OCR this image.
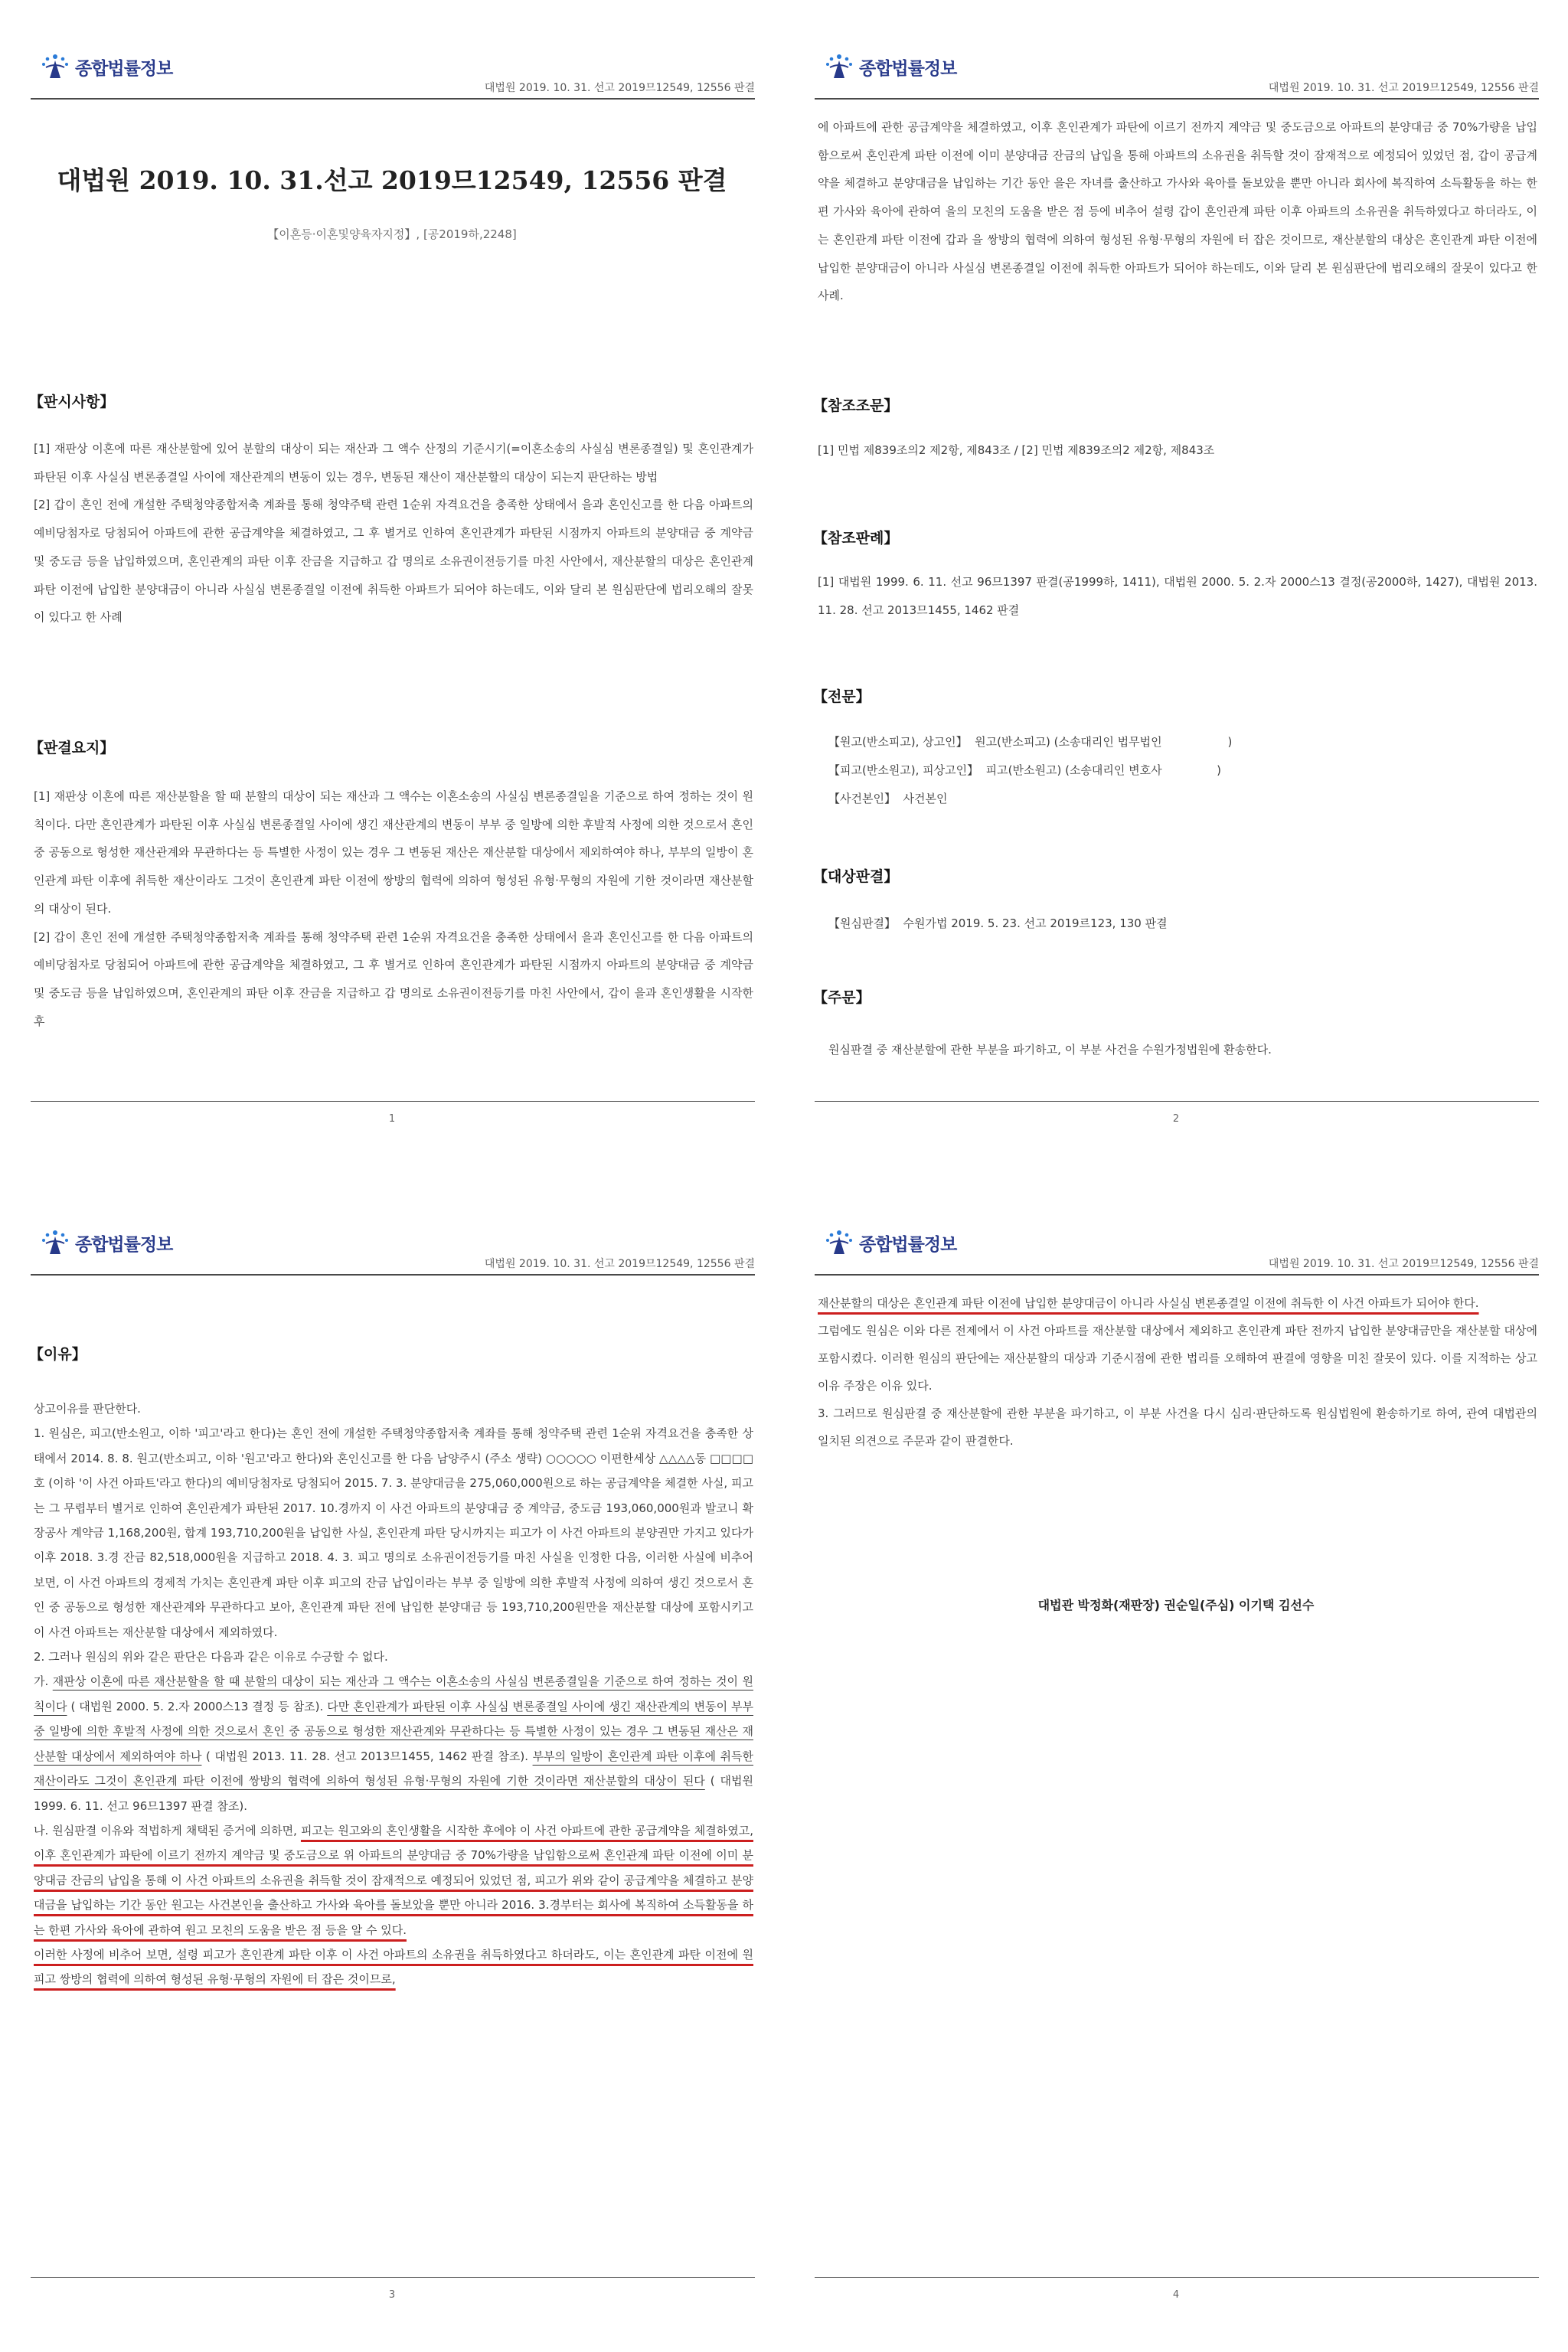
종합법률정보
대법원 2019. 10. 31. 선고 2019므12549, 12556 판결
대법원 2019. 10. 31.선고 2019므12549, 12556 판결
【이혼등·이혼및양육자지정】, [공2019하,2248]
【판시사항】

[1] 재판상 이혼에 따른 재산분할에 있어 분할의 대상이 되는 재산과 그 액수 산정의 기준시기(=이혼소송의 사실심 변론종결일) 및 혼인관계가 파탄된 이후 사실심 변론종결일 사이에 재산관계의 변동이 있는 경우, 변동된 재산이 재산분할의 대상이 되는지 판단하는 방법

[2] 갑이 혼인 전에 개설한 주택청약종합저축 계좌를 통해 청약주택 관련 1순위 자격요건을 충족한 상태에서 을과 혼인신고를 한 다음 아파트의 예비당첨자로 당첨되어 아파트에 관한 공급계약을 체결하였고, 그 후 별거로 인하여 혼인관계가 파탄된 시점까지 아파트의 분양대금 중 계약금 및 중도금 등을 납입하였으며, 혼인관계의 파탄 이후 잔금을 지급하고 갑 명의로 소유권이전등기를 마친 사안에서, 재산분할의 대상은 혼인관계 파탄 이전에 납입한 분양대금이 아니라 사실심 변론종결일 이전에 취득한 아파트가 되어야 하는데도, 이와 달리 본 원심판단에 법리오해의 잘못이 있다고 한 사례

【판결요지】

[1] 재판상 이혼에 따른 재산분할을 할 때 분할의 대상이 되는 재산과 그 액수는 이혼소송의 사실심 변론종결일을 기준으로 하여 정하는 것이 원칙이다. 다만 혼인관계가 파탄된 이후 사실심 변론종결일 사이에 생긴 재산관계의 변동이 부부 중 일방에 의한 후발적 사정에 의한 것으로서 혼인 중 공동으로 형성한 재산관계와 무관하다는 등 특별한 사정이 있는 경우 그 변동된 재산은 재산분할 대상에서 제외하여야 하나, 부부의 일방이 혼인관계 파탄 이후에 취득한 재산이라도 그것이 혼인관계 파탄 이전에 쌍방의 협력에 의하여 형성된 유형·무형의 자원에 기한 것이라면 재산분할의 대상이 된다.

[2] 갑이 혼인 전에 개설한 주택청약종합저축 계좌를 통해 청약주택 관련 1순위 자격요건을 충족한 상태에서 을과 혼인신고를 한 다음 아파트의 예비당첨자로 당첨되어 아파트에 관한 공급계약을 체결하였고, 그 후 별거로 인하여 혼인관계가 파탄된 시점까지 아파트의 분양대금 중 계약금 및 중도금 등을 납입하였으며, 혼인관계의 파탄 이후 잔금을 지급하고 갑 명의로 소유권이전등기를 마친 사안에서, 갑이 을과 혼인생활을 시작한 후

1
종합법률정보
대법원 2019. 10. 31. 선고 2019므12549, 12556 판결

에 아파트에 관한 공급계약을 체결하였고, 이후 혼인관계가 파탄에 이르기 전까지 계약금 및 중도금으로 아파트의 분양대금 중 70%가량을 납입함으로써 혼인관계 파탄 이전에 이미 분양대금 잔금의 납입을 통해 아파트의 소유권을 취득할 것이 잠재적으로 예정되어 있었던 점, 갑이 공급계약을 체결하고 분양대금을 납입하는 기간 동안 을은 자녀를 출산하고 가사와 육아를 돌보았을 뿐만 아니라 회사에 복직하여 소득활동을 하는 한편 가사와 육아에 관하여 을의 모친의 도움을 받은 점 등에 비추어 설령 갑이 혼인관계 파탄 이후 아파트의 소유권을 취득하였다고 하더라도, 이는 혼인관계 파탄 이전에 갑과 을 쌍방의 협력에 의하여 형성된 유형·무형의 자원에 터 잡은 것이므로, 재산분할의 대상은 혼인관계 파탄 이전에 납입한 분양대금이 아니라 사실심 변론종결일 이전에 취득한 아파트가 되어야 하는데도, 이와 달리 본 원심판단에 법리오해의 잘못이 있다고 한 사례.

【참조조문】

[1] 민법 제839조의2 제2항, 제843조 / [2] 민법 제839조의2 제2항, 제843조

【참조판례】

[1] 대법원 1999. 6. 11. 선고 96므1397 판결(공1999하, 1411), 대법원 2000. 5. 2.자 2000스13 결정(공2000하, 1427), 대법원 2013. 11. 28. 선고 2013므1455, 1462 판결

【전문】
【원고(반소피고), 상고인】  원고(반소피고) (소송대리인 법무법인                  )
【피고(반소원고), 피상고인】  피고(반소원고) (소송대리인 변호사               )
【사건본인】  사건본인
【대상판결】
【원심판결】  수원가법 2019. 5. 23. 선고 2019르123, 130 판결
【주문】

원심판결 중 재산분할에 관한 부분을 파기하고, 이 부분 사건을 수원가정법원에 환송한다.

2
종합법률정보
대법원 2019. 10. 31. 선고 2019므12549, 12556 판결
【이유】

상고이유를 판단한다.

1. 원심은, 피고(반소원고, 이하 '피고'라고 한다)는 혼인 전에 개설한 주택청약종합저축 계좌를 통해 청약주택 관련 1순위 자격요건을 충족한 상태에서 2014. 8. 8. 원고(반소피고, 이하 '원고'라고 한다)와 혼인신고를 한 다음 남양주시 (주소 생략) ○○○○○ 이편한세상 △△△△동 □□□□호 (이하 '이 사건 아파트'라고 한다)의 예비당첨자로 당첨되어 2015. 7. 3. 분양대금을 275,060,000원으로 하는 공급계약을 체결한 사실, 피고는 그 무렵부터 별거로 인하여 혼인관계가 파탄된 2017. 10.경까지 이 사건 아파트의 분양대금 중 계약금, 중도금 193,060,000원과 발코니 확장공사 계약금 1,168,200원, 합계 193,710,200원을 납입한 사실, 혼인관계 파탄 당시까지는 피고가 이 사건 아파트의 분양권만 가지고 있다가 이후 2018. 3.경 잔금 82,518,000원을 지급하고 2018. 4. 3. 피고 명의로 소유권이전등기를 마친 사실을 인정한 다음, 이러한 사실에 비추어 보면, 이 사건 아파트의 경제적 가치는 혼인관계 파탄 이후 피고의 잔금 납입이라는 부부 중 일방에 의한 후발적 사정에 의하여 생긴 것으로서 혼인 중 공동으로 형성한 재산관계와 무관하다고 보아, 혼인관계 파탄 전에 납입한 분양대금 등 193,710,200원만을 재산분할 대상에 포함시키고 이 사건 아파트는 재산분할 대상에서 제외하였다.

2. 그러나 원심의 위와 같은 판단은 다음과 같은 이유로 수긍할 수 없다.

가. 재판상 이혼에 따른 재산분할을 할 때 분할의 대상이 되는 재산과 그 액수는 이혼소송의 사실심 변론종결일을 기준으로 하여 정하는 것이 원칙이다 ( 대법원 2000. 5. 2.자 2000스13 결정 등 참조). 다만 혼인관계가 파탄된 이후 사실심 변론종결일 사이에 생긴 재산관계의 변동이 부부 중 일방에 의한 후발적 사정에 의한 것으로서 혼인 중 공동으로 형성한 재산관계와 무관하다는 등 특별한 사정이 있는 경우 그 변동된 재산은 재산분할 대상에서 제외하여야 하나 ( 대법원 2013. 11. 28. 선고 2013므1455, 1462 판결 참조). 부부의 일방이 혼인관계 파탄 이후에 취득한 재산이라도 그것이 혼인관계 파탄 이전에 쌍방의 협력에 의하여 형성된 유형·무형의 자원에 기한 것이라면 재산분할의 대상이 된다 ( 대법원 1999. 6. 11. 선고 96므1397 판결 참조).

나. 원심판결 이유와 적법하게 채택된 증거에 의하면, 피고는 원고와의 혼인생활을 시작한 후에야 이 사건 아파트에 관한 공급계약을 체결하였고, 이후 혼인관계가 파탄에 이르기 전까지 계약금 및 중도금으로 위 아파트의 분양대금 중 70%가량을 납입함으로써 혼인관계 파탄 이전에 이미 분양대금 잔금의 납입을 통해 이 사건 아파트의 소유권을 취득할 것이 잠재적으로 예정되어 있었던 점, 피고가 위와 같이 공급계약을 체결하고 분양대금을 납입하는 기간 동안 원고는 사건본인을 출산하고 가사와 육아를 돌보았을 뿐만 아니라 2016. 3.경부터는 회사에 복직하여 소득활동을 하는 한편 가사와 육아에 관하여 원고 모친의 도움을 받은 점 등을 알 수 있다.

이러한 사정에 비추어 보면, 설령 피고가 혼인관계 파탄 이후 이 사건 아파트의 소유권을 취득하였다고 하더라도, 이는 혼인관계 파탄 이전에 원피고 쌍방의 협력에 의하여 형성된 유형·무형의 자원에 터 잡은 것이므로,

3
종합법률정보
대법원 2019. 10. 31. 선고 2019므12549, 12556 판결

재산분할의 대상은 혼인관계 파탄 이전에 납입한 분양대금이 아니라 사실심 변론종결일 이전에 취득한 이 사건 아파트가 되어야 한다.

그럼에도 원심은 이와 다른 전제에서 이 사건 아파트를 재산분할 대상에서 제외하고 혼인관계 파탄 전까지 납입한 분양대금만을 재산분할 대상에 포함시켰다. 이러한 원심의 판단에는 재산분할의 대상과 기준시점에 관한 법리를 오해하여 판결에 영향을 미친 잘못이 있다. 이를 지적하는 상고이유 주장은 이유 있다.

3. 그러므로 원심판결 중 재산분할에 관한 부분을 파기하고, 이 부분 사건을 다시 심리·판단하도록 원심법원에 환송하기로 하여, 관여 대법관의 일치된 의견으로 주문과 같이 판결한다.

대법관 박정화(재판장) 권순일(주심) 이기택 김선수
4
